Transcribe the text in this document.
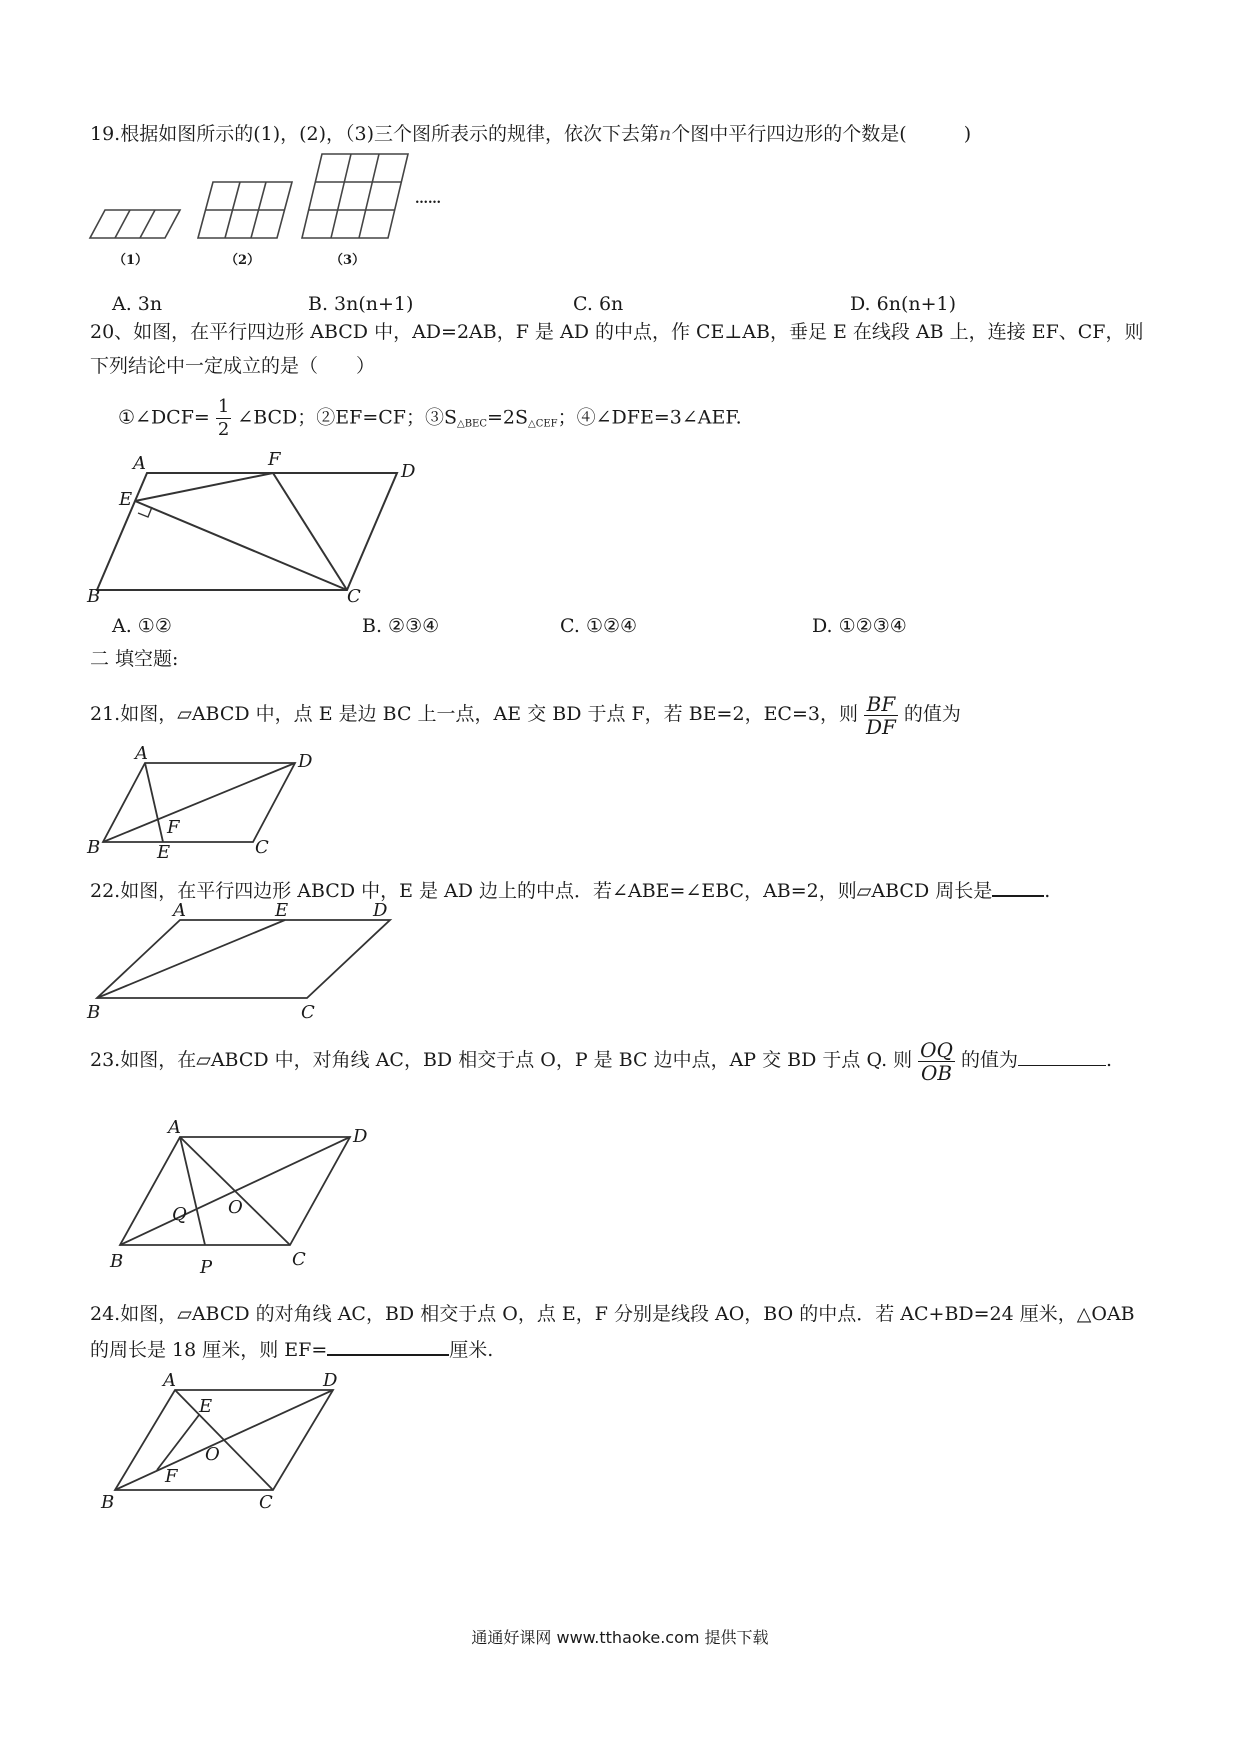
19.根据如图所示的(1)，(2)，（3)三个图所表示的规律，依次下去第n个图中平行四边形的个数是(　　　)
（1）	（2）	（3）
……
A. 3n	B. 3n(n+1)	C. 6n	D. 6n(n+1)
20、如图，在平行四边形 ABCD 中，AD=2AB，F 是 AD 的中点，作 CE⊥AB，垂足 E 在线段 AB 上，连接 EF、CF，则
下列结论中一定成立的是（　　）
①∠DCF= $\frac{1}{2}$ ∠BCD；②EF=CF；$③S_{\triangle BEC}=2S_{\triangle CEF}$；④∠DFE=3∠AEF.
A	F
D
E
B	C
A. ①②	B. ②③④	C. ①②④	D. ①②③④
二 填空题:
21.如图，▱ABCD 中，点 E 是边 BC 上一点，AE 交 BD 于点 F，若 BE=2，EC=3，则 $\frac{BF}{DF}$ 的值为
A	D
B	E
F
C
22.如图，在平行四边形 ABCD 中，E 是 AD 边上的中点．若∠ABE=∠EBC，AB=2，则▱ABCD 周长是	.
A	E	D
B	C
23.如图，在▱ABCD 中，对角线 AC，BD 相交于点 O，P 是 BC 边中点，AP 交 BD 于点 Q. 则 $\frac{OQ}{OB}$ 的值为	.
A	D
Q O
B	P	C
24.如图，▱ABCD 的对角线 AC，BD 相交于点 O，点 E，F 分别是线段 AO，BO 的中点．若 AC+BD=24 厘米，△OAB
的周长是 18 厘米，则 EF=	厘米.
A	D
E
O
F
B	C
通通好课网 www.tthaoke.com 提供下载
